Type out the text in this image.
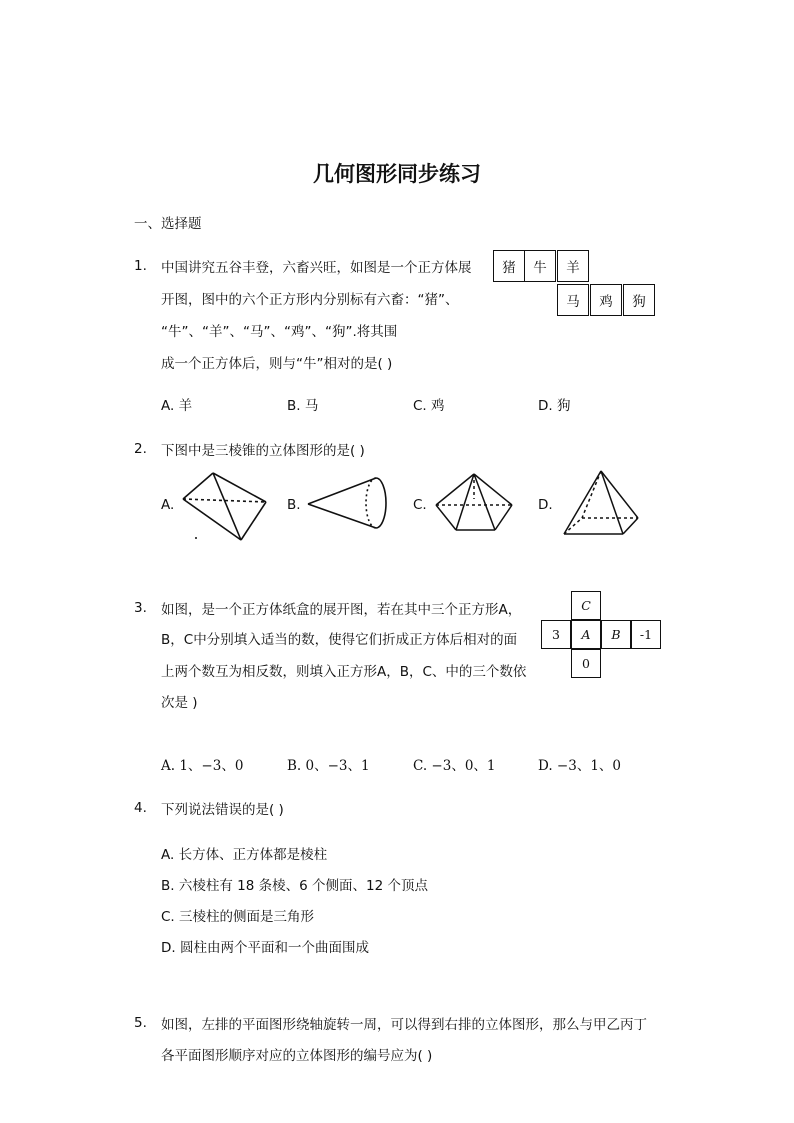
几何图形同步练习
一、选择题
1. 中国讲究五谷丰登，六畜兴旺，如图是一个正方体展
开图，图中的六个正方形内分别标有六畜：“猪”、
“牛”、“羊”、“马”、“鸡”、“狗”.将其围
成一个正方体后，则与“牛”相对的是( )
猪	牛	羊
马	鸡	狗
A. 羊	B. 马	C. 鸡	D. 狗
2. 下图中是三棱锥的立体图形的是( )
A.	B.	C.	D.
3. 如图，是一个正方体纸盒的展开图，若在其中三个正方形A，
B，C中分别填入适当的数，使得它们折成正方体后相对的面
上两个数互为相反数，则填入正方形A，B，C、中的三个数依
次是 )
C
3	A	B	-1
0
A. 1、−3、0	B. 0、−3、1	C. −3、0、1	D. −3、1、0
4. 下列说法错误的是( )
A. 长方体、正方体都是棱柱
B. 六棱柱有 18 条棱、6 个侧面、12 个顶点
C. 三棱柱的侧面是三角形
D. 圆柱由两个平面和一个曲面围成
5. 如图，左排的平面图形绕轴旋转一周，可以得到右排的立体图形，那么与甲乙丙丁
各平面图形顺序对应的立体图形的编号应为( )
